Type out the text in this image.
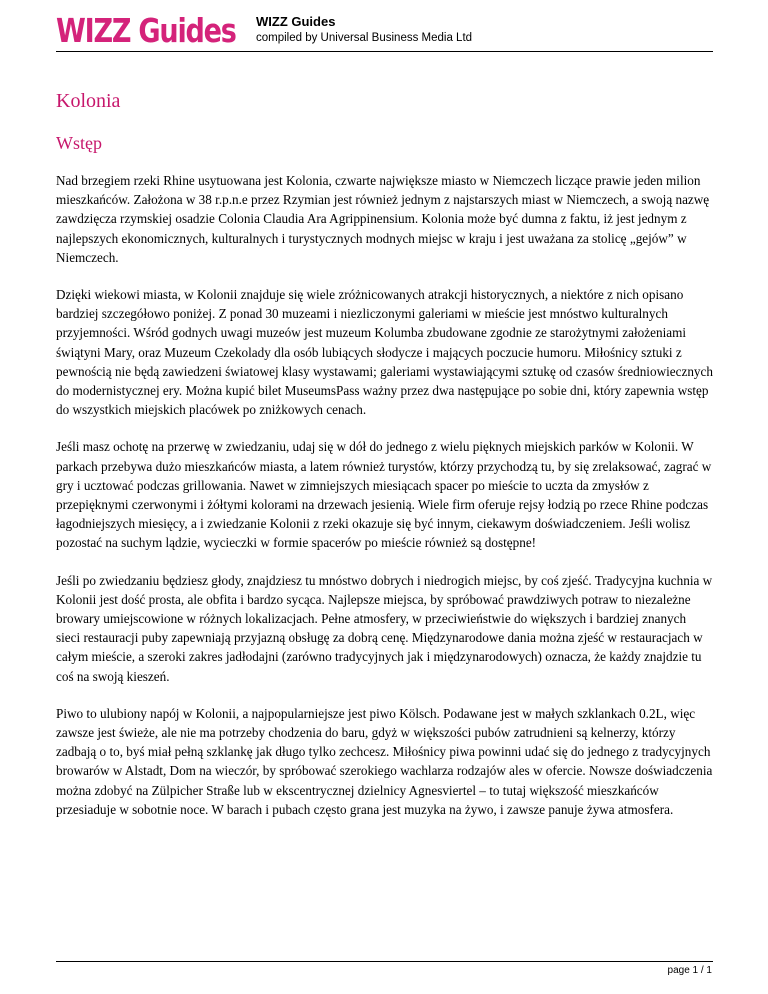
WIZZ Guides	WIZZ Guides
compiled by Universal Business Media Ltd
Kolonia
Wstęp

Nad brzegiem rzeki Rhine usytuowana jest Kolonia, czwarte największe miasto w Niemczech liczące prawie jeden milion mieszkańców. Założona w 38 r.p.n.e przez Rzymian jest również jednym z najstarszych miast w Niemczech, a swoją nazwę zawdzięcza rzymskiej osadzie Colonia Claudia Ara Agrippinensium. Kolonia może być dumna z faktu, iż jest jednym z najlepszych ekonomicznych, kulturalnych i turystycznych modnych miejsc w kraju i jest uważana za stolicę „gejów” w Niemczech.

Dzięki wiekowi miasta, w Kolonii znajduje się wiele zróżnicowanych atrakcji historycznych, a niektóre z nich opisano bardziej szczegółowo poniżej. Z ponad 30 muzeami i niezliczonymi galeriami w mieście jest mnóstwo kulturalnych przyjemności. Wśród godnych uwagi muzeów jest muzeum Kolumba zbudowane zgodnie ze starożytnymi założeniami świątyni Mary, oraz Muzeum Czekolady dla osób lubiących słodycze i mających poczucie humoru. Miłośnicy sztuki z pewnością nie będą zawiedzeni światowej klasy wystawami; galeriami wystawiającymi sztukę od czasów średniowiecznych do modernistycznej ery. Można kupić bilet MuseumsPass ważny przez dwa następujące po sobie dni, który zapewnia wstęp do wszystkich miejskich placówek po zniżkowych cenach.

Jeśli masz ochotę na przerwę w zwiedzaniu, udaj się w dół do jednego z wielu pięknych miejskich parków w Kolonii. W parkach przebywa dużo mieszkańców miasta, a latem również turystów, którzy przychodzą tu, by się zrelaksować, zagrać w gry i ucztować podczas grillowania. Nawet w zimniejszych miesiącach spacer po mieście to uczta da zmysłów z przepięknymi czerwonymi i żółtymi kolorami na drzewach jesienią. Wiele firm oferuje rejsy łodzią po rzece Rhine podczas łagodniejszych miesięcy, a i zwiedzanie Kolonii z rzeki okazuje się być innym, ciekawym doświadczeniem. Jeśli wolisz pozostać na suchym lądzie, wycieczki w formie spacerów po mieście również są dostępne!

Jeśli po zwiedzaniu będziesz głody, znajdziesz tu mnóstwo dobrych i niedrogich miejsc, by coś zjeść. Tradycyjna kuchnia w Kolonii jest dość prosta, ale obfita i bardzo sycąca. Najlepsze miejsca, by spróbować prawdziwych potraw to niezależne browary umiejscowione w różnych lokalizacjach. Pełne atmosfery, w przeciwieństwie do większych i bardziej znanych sieci restauracji puby zapewniają przyjazną obsługę za dobrą cenę. Międzynarodowe dania można zjeść w restauracjach w całym mieście, a szeroki zakres jadłodajni (zarówno tradycyjnych jak i międzynarodowych) oznacza, że każdy znajdzie tu coś na swoją kieszeń.

Piwo to ulubiony napój w Kolonii, a najpopularniejsze jest piwo Kölsch. Podawane jest w małych szklankach 0.2L, więc zawsze jest świeże, ale nie ma potrzeby chodzenia do baru, gdyż w większości pubów zatrudnieni są kelnerzy, którzy zadbają o to, byś miał pełną szklankę jak długo tylko zechcesz. Miłośnicy piwa powinni udać się do jednego z tradycyjnych browarów w Alstadt, Dom na wieczór, by spróbować szerokiego wachlarza rodzajów ales w ofercie. Nowsze doświadczenia można zdobyć na Zülpicher Straße lub w ekscentrycznej dzielnicy Agnesviertel – to tutaj większość mieszkańców przesiaduje w sobotnie noce. W barach i pubach często grana jest muzyka na żywo, i zawsze panuje żywa atmosfera.

page 1 / 1
